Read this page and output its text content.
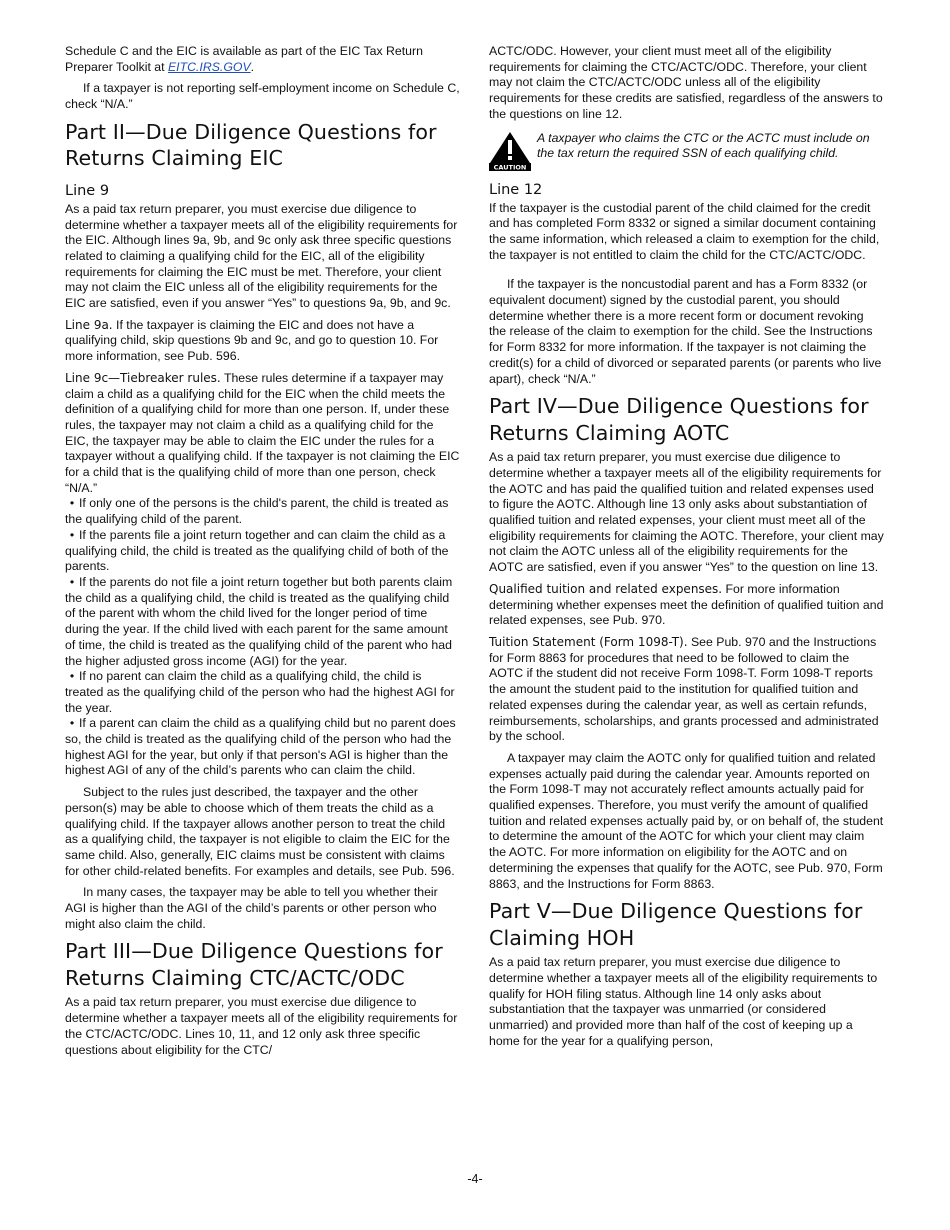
Schedule C and the EIC is available as part of the EIC Tax Return Preparer Toolkit at EITC.IRS.GOV.

If a taxpayer is not reporting self-employment income on Schedule C, check “N/A.”

Part II—Due Diligence Questions for Returns Claiming EIC
Line 9

As a paid tax return preparer, you must exercise due diligence to determine whether a taxpayer meets all of the eligibility requirements for the EIC. Although lines 9a, 9b, and 9c only ask three specific questions related to claiming a qualifying child for the EIC, all of the eligibility requirements for claiming the EIC must be met. Therefore, your client may not claim the EIC unless all of the eligibility requirements for the EIC are satisfied, even if you answer “Yes” to questions 9a, 9b, and 9c.

Line 9a. If the taxpayer is claiming the EIC and does not have a qualifying child, skip questions 9b and 9c, and go to question 10. For more information, see Pub. 596.

Line 9c—Tiebreaker rules. These rules determine if a taxpayer may claim a child as a qualifying child for the EIC when the child meets the definition of a qualifying child for more than one person. If, under these rules, the taxpayer may not claim a child as a qualifying child for the EIC, the taxpayer may be able to claim the EIC under the rules for a taxpayer without a qualifying child. If the taxpayer is not claiming the EIC for a child that is the qualifying child of more than one person, check “N/A.”

• If only one of the persons is the child's parent, the child is treated as the qualifying child of the parent.
• If the parents file a joint return together and can claim the child as a qualifying child, the child is treated as the qualifying child of both of the parents.
• If the parents do not file a joint return together but both parents claim the child as a qualifying child, the child is treated as the qualifying child of the parent with whom the child lived for the longer period of time during the year. If the child lived with each parent for the same amount of time, the child is treated as the qualifying child of the parent who had the higher adjusted gross income (AGI) for the year.
• If no parent can claim the child as a qualifying child, the child is treated as the qualifying child of the person who had the highest AGI for the year.
• If a parent can claim the child as a qualifying child but no parent does so, the child is treated as the qualifying child of the person who had the highest AGI for the year, but only if that person's AGI is higher than the highest AGI of any of the child’s parents who can claim the child.

Subject to the rules just described, the taxpayer and the other person(s) may be able to choose which of them treats the child as a qualifying child. If the taxpayer allows another person to treat the child as a qualifying child, the taxpayer is not eligible to claim the EIC for the same child. Also, generally, EIC claims must be consistent with claims for other child-related benefits. For examples and details, see Pub. 596.

In many cases, the taxpayer may be able to tell you whether their AGI is higher than the AGI of the child’s parents or other person who might also claim the child.

Part III—Due Diligence Questions for Returns Claiming CTC/ACTC/ODC

As a paid tax return preparer, you must exercise due diligence to determine whether a taxpayer meets all of the eligibility requirements for the CTC/ACTC/ODC. Lines 10, 11, and 12 only ask three specific questions about eligibility for the CTC/

ACTC/ODC. However, your client must meet all of the eligibility requirements for claiming the CTC/ACTC/ODC. Therefore, your client may not claim the CTC/ACTC/ODC unless all of the eligibility requirements for these credits are satisfied, regardless of the answers to the questions on line 12.

CAUTION

A taxpayer who claims the CTC or the ACTC must include on the tax return the required SSN of each qualifying child.

Line 12

If the taxpayer is the custodial parent of the child claimed for the credit and has completed Form 8332 or signed a similar document containing the same information, which released a claim to exemption for the child, the taxpayer is not entitled to claim the child for the CTC/ACTC/ODC.

If the taxpayer is the noncustodial parent and has a Form 8332 (or equivalent document) signed by the custodial parent, you should determine whether there is a more recent form or document revoking the release of the claim to exemption for the child. See the Instructions for Form 8332 for more information. If the taxpayer is not claiming the credit(s) for a child of divorced or separated parents (or parents who live apart), check “N/A.”

Part IV—Due Diligence Questions for Returns Claiming AOTC

As a paid tax return preparer, you must exercise due diligence to determine whether a taxpayer meets all of the eligibility requirements for the AOTC and has paid the qualified tuition and related expenses used to figure the AOTC. Although line 13 only asks about substantiation of qualified tuition and related expenses, your client must meet all of the eligibility requirements for claiming the AOTC. Therefore, your client may not claim the AOTC unless all of the eligibility requirements for the AOTC are satisfied, even if you answer “Yes” to the question on line 13.

Qualified tuition and related expenses. For more information determining whether expenses meet the definition of qualified tuition and related expenses, see Pub. 970.

Tuition Statement (Form 1098-T). See Pub. 970 and the Instructions for Form 8863 for procedures that need to be followed to claim the AOTC if the student did not receive Form 1098-T. Form 1098-T reports the amount the student paid to the institution for qualified tuition and related expenses during the calendar year, as well as certain refunds, reimbursements, scholarships, and grants processed and administrated by the school.

A taxpayer may claim the AOTC only for qualified tuition and related expenses actually paid during the calendar year. Amounts reported on the Form 1098-T may not accurately reflect amounts actually paid for qualified expenses. Therefore, you must verify the amount of qualified tuition and related expenses actually paid by, or on behalf of, the student to determine the amount of the AOTC for which your client may claim the AOTC. For more information on eligibility for the AOTC and on determining the expenses that qualify for the AOTC, see Pub. 970, Form 8863, and the Instructions for Form 8863.

Part V—Due Diligence Questions for Claiming HOH

As a paid tax return preparer, you must exercise due diligence to determine whether a taxpayer meets all of the eligibility requirements to qualify for HOH filing status. Although line 14 only asks about substantiation that the taxpayer was unmarried (or considered unmarried) and provided more than half of the cost of keeping up a home for the year for a qualifying person,

-4-
